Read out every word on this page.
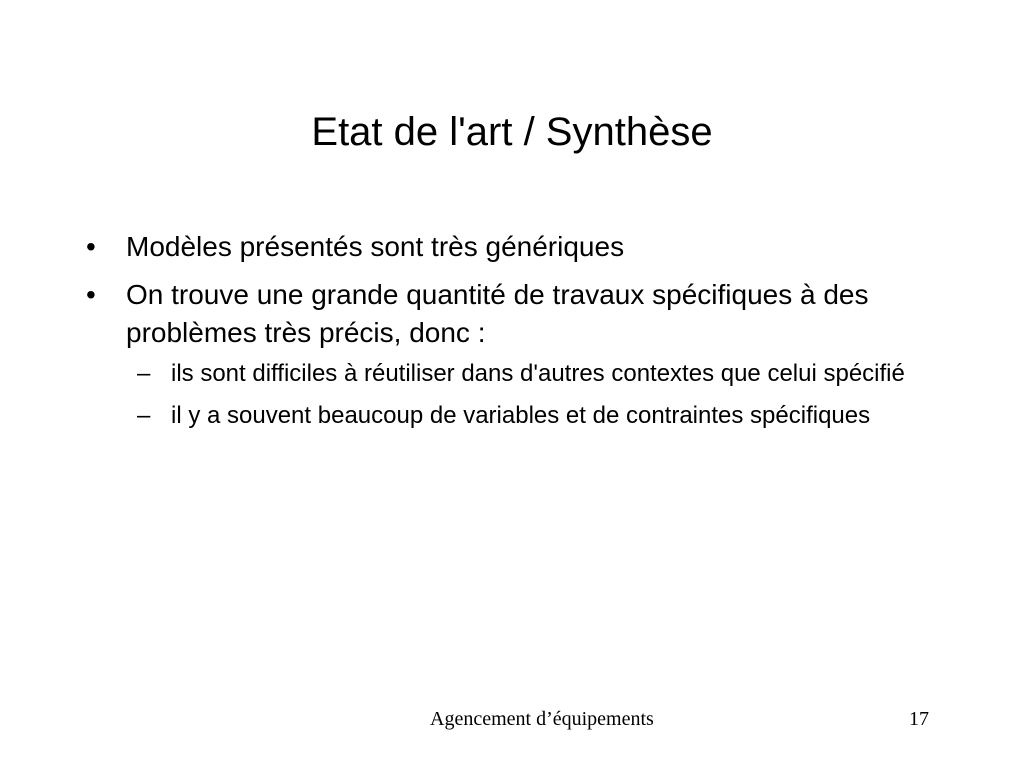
Etat de l'art / Synthèse
•	Modèles présentés sont très génériques
•	On trouve une grande quantité de travaux spécifiques à des problèmes très précis, donc :
– ils sont difficiles à réutiliser dans d'autres contextes que celui spécifié
– il y a souvent beaucoup de variables et de contraintes spécifiques
Agencement d’équipements	17
